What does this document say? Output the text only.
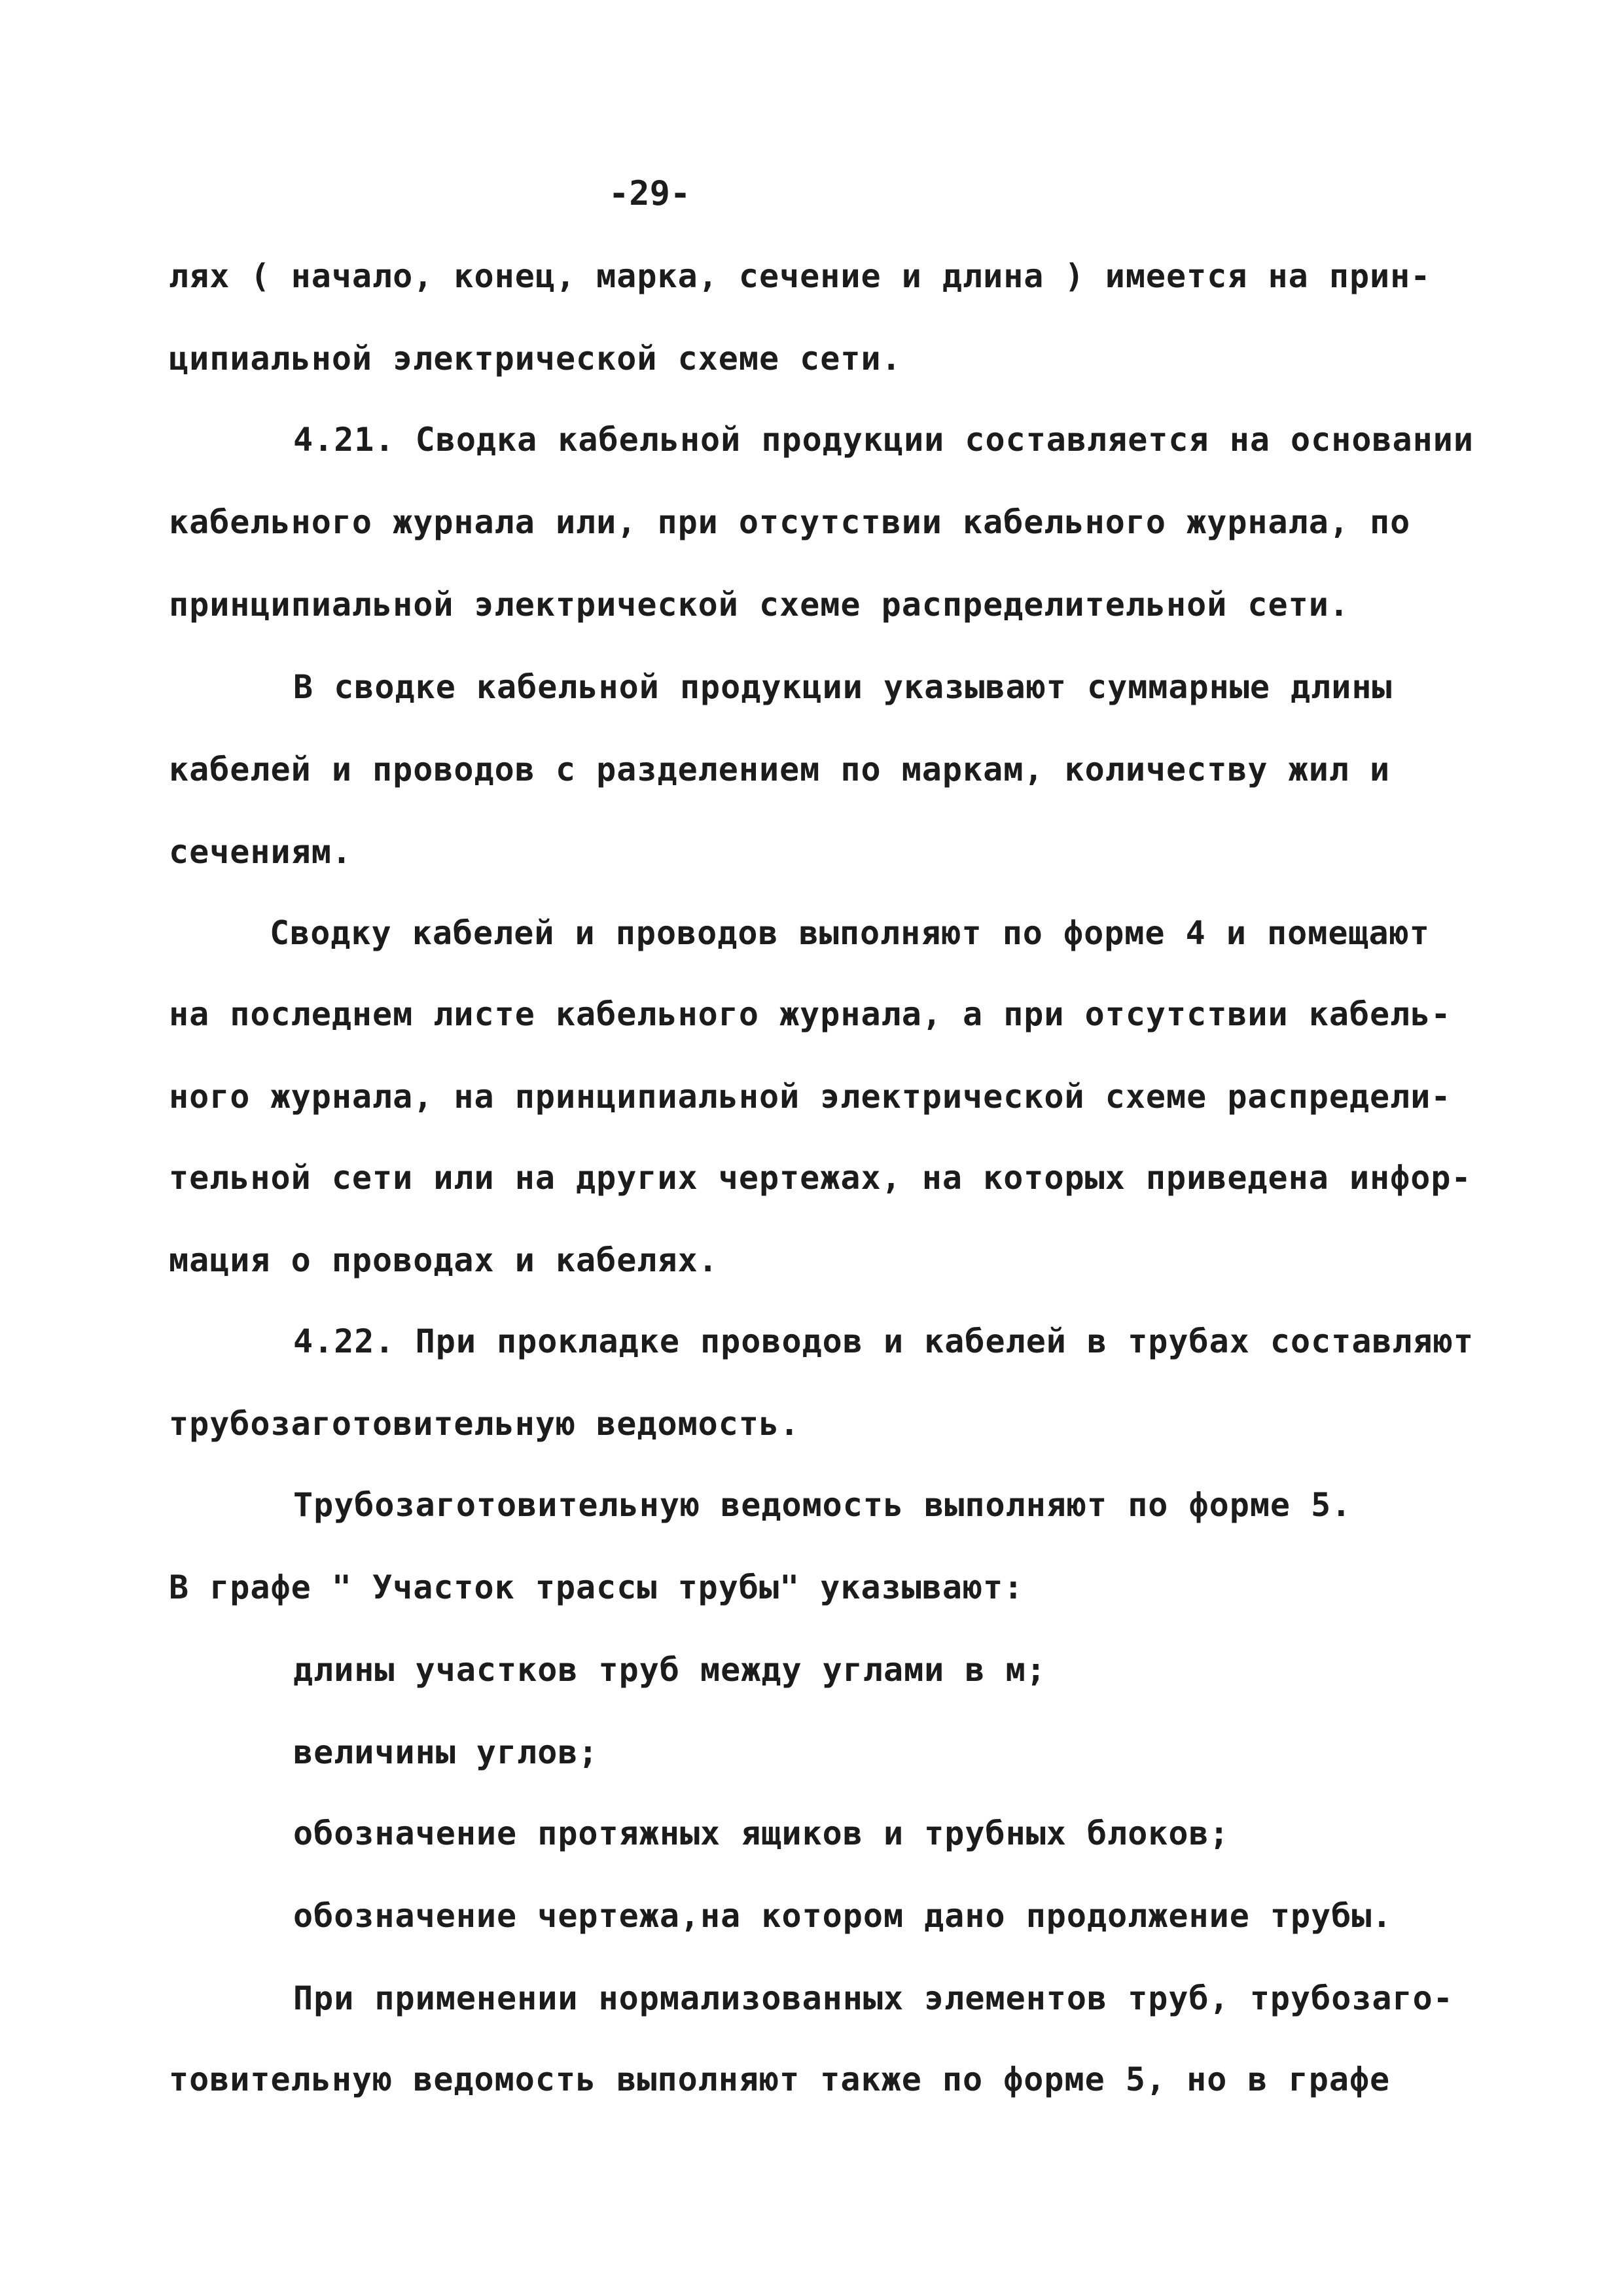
-29-
лях ( начало, конец, марка, сечение и длина ) имеется на прин-
ципиальной электрической схеме сети.
4.21. Сводка кабельной продукции составляется на основании
кабельного журнала или, при отсутствии кабельного журнала, по
принципиальной электрической схеме распределительной сети.
В сводке кабельной продукции указывают суммарные длины
кабелей и проводов с разделением по маркам, количеству жил и
сечениям.
Сводку кабелей и проводов выполняют по форме 4 и помещают
на последнем листе кабельного журнала, а при отсутствии кабель-
ного журнала, на принципиальной электрической схеме распредели-
тельной сети или на других чертежах, на которых приведена инфор-
мация о проводах и кабелях.
4.22. При прокладке проводов и кабелей в трубах составляют
трубозаготовительную ведомость.
Трубозаготовительную ведомость выполняют по форме 5.
В графе " Участок трассы трубы" указывают:
длины участков труб между углами в м;
величины углов;
обозначение протяжных ящиков и трубных блоков;
обозначение чертежа,на котором дано продолжение трубы.
При применении нормализованных элементов труб, трубозаго-
товительную ведомость выполняют также по форме 5, но в графе
